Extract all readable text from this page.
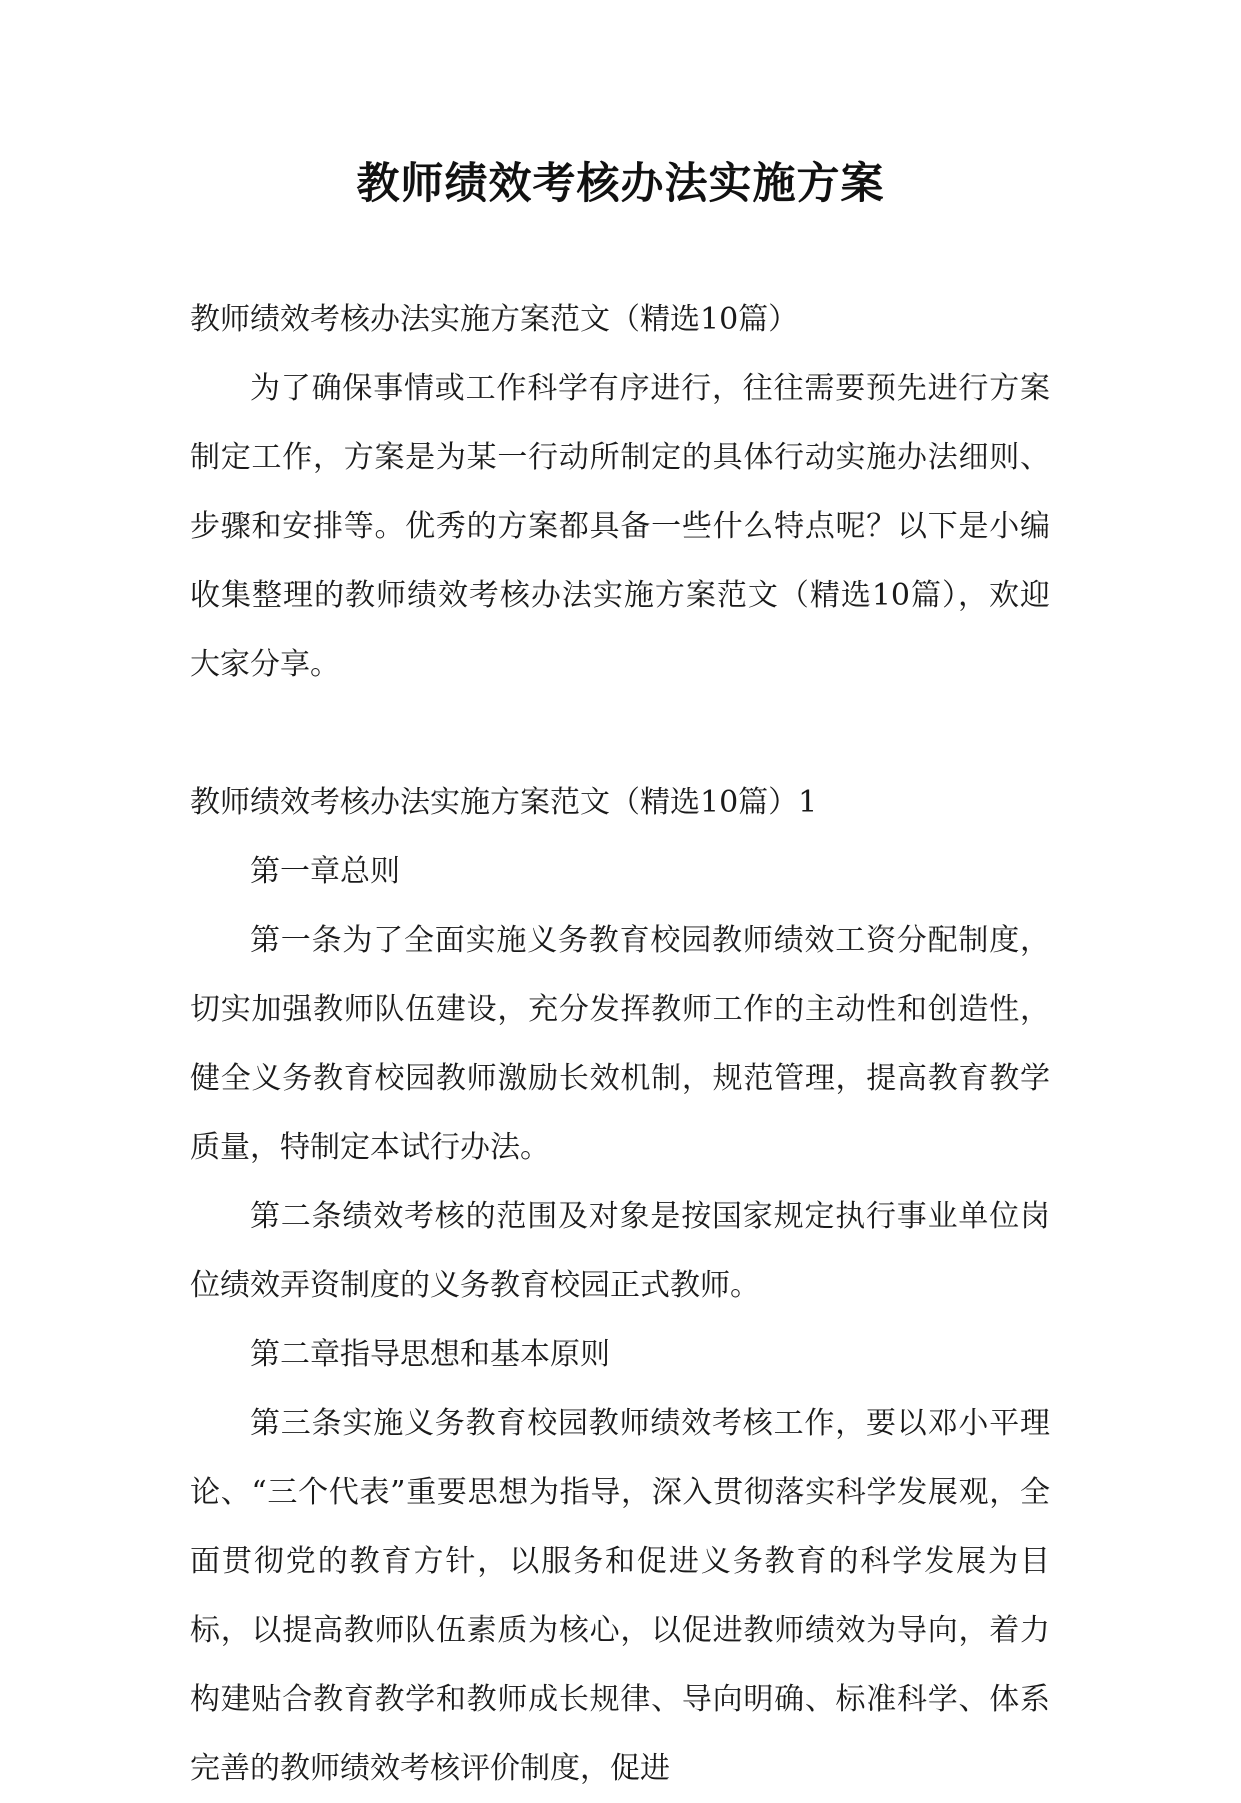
教师绩效考核办法实施方案

教师绩效考核办法实施方案范文（精选10篇）

为了确保事情或工作科学有序进行，往往需要预先进行方案制定工作，方案是为某一行动所制定的具体行动实施办法细则、步骤和安排等。优秀的方案都具备一些什么特点呢？以下是小编收集整理的教师绩效考核办法实施方案范文（精选10篇），欢迎大家分享。

教师绩效考核办法实施方案范文（精选10篇）1

第一章总则

第一条为了全面实施义务教育校园教师绩效工资分配制度，切实加强教师队伍建设，充分发挥教师工作的主动性和创造性，健全义务教育校园教师激励长效机制，规范管理，提高教育教学质量，特制定本试行办法。

第二条绩效考核的范围及对象是按国家规定执行事业单位岗位绩效弄资制度的义务教育校园正式教师。

第二章指导思想和基本原则

第三条实施义务教育校园教师绩效考核工作，要以邓小平理论、“三个代表”重要思想为指导，深入贯彻落实科学发展观，全面贯彻党的教育方针，以服务和促进义务教育的科学发展为目标，以提高教师队伍素质为核心，以促进教师绩效为导向，着力构建贴合教育教学和教师成长规律、导向明确、标准科学、体系完善的教师绩效考核评价制度，促进
